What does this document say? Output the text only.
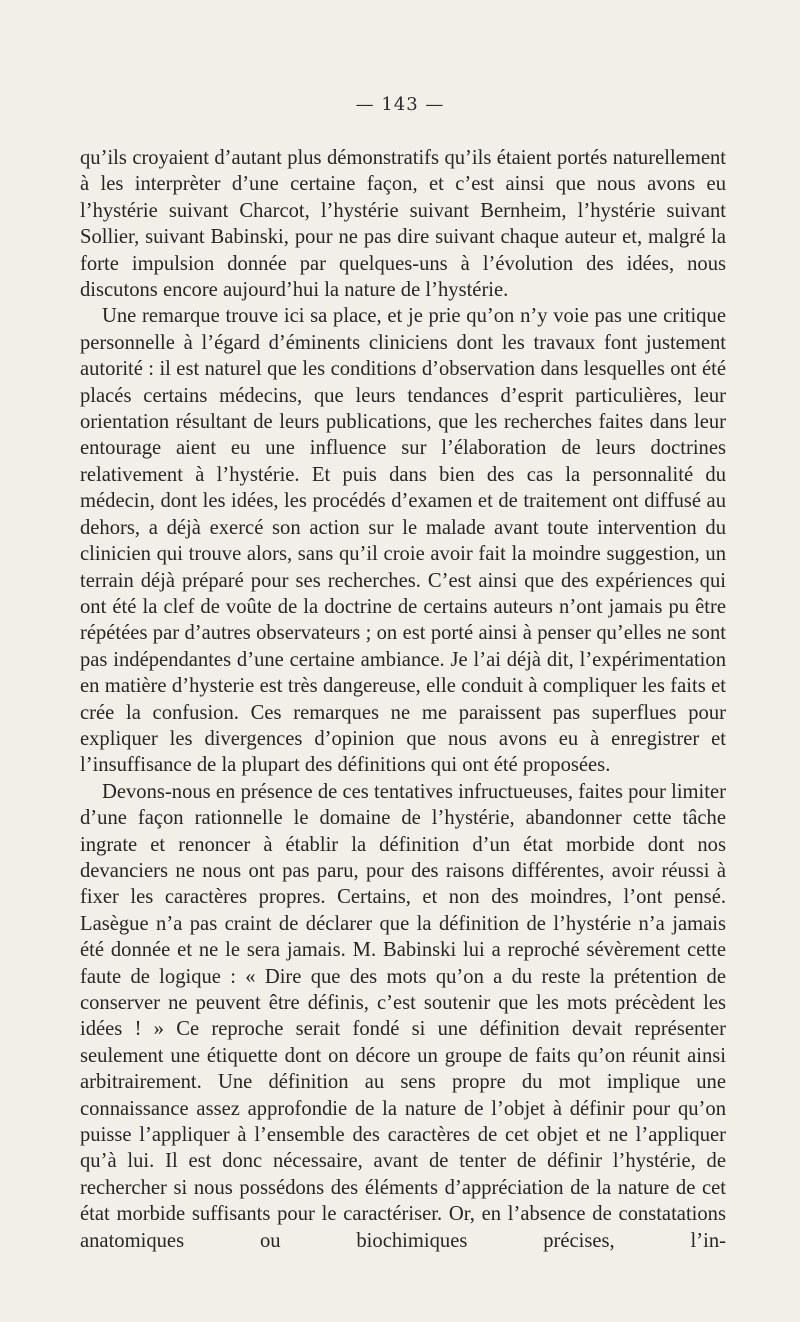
— 143 —

qu’ils croyaient d’autant plus démonstratifs qu’ils étaient portés naturellement à les interprèter d’une certaine façon, et c’est ainsi que nous avons eu l’hystérie suivant Charcot, l’hystérie suivant Bernheim, l’hystérie suivant Sollier, suivant Babinski, pour ne pas dire suivant chaque auteur et, malgré la forte impulsion donnée par quelques-uns à l’évolution des idées, nous discutons encore aujourd’hui la nature de l’hystérie.

Une remarque trouve ici sa place, et je prie qu’on n’y voie pas une critique personnelle à l’égard d’éminents cliniciens dont les travaux font justement autorité : il est naturel que les conditions d’observation dans lesquelles ont été placés certains médecins, que leurs tendances d’esprit particulières, leur orientation résultant de leurs publications, que les recherches faites dans leur entourage aient eu une influence sur l’élaboration de leurs doctrines relativement à l’hystérie. Et puis dans bien des cas la personnalité du médecin, dont les idées, les procédés d’examen et de traitement ont diffusé au dehors, a déjà exercé son action sur le malade avant toute intervention du clinicien qui trouve alors, sans qu’il croie avoir fait la moindre suggestion, un terrain déjà préparé pour ses recherches. C’est ainsi que des expériences qui ont été la clef de voûte de la doctrine de certains auteurs n’ont jamais pu être répétées par d’autres observateurs ; on est porté ainsi à penser qu’elles ne sont pas indépendantes d’une certaine ambiance. Je l’ai déjà dit, l’expérimentation en matière d’hysterie est très dangereuse, elle conduit à compliquer les faits et crée la confusion. Ces remarques ne me paraissent pas superflues pour expliquer les divergences d’opinion que nous avons eu à enregistrer et l’insuffisance de la plupart des définitions qui ont été proposées.

Devons-nous en présence de ces tentatives infructueuses, faites pour limiter d’une façon rationnelle le domaine de l’hystérie, abandonner cette tâche ingrate et renoncer à établir la définition d’un état morbide dont nos devanciers ne nous ont pas paru, pour des raisons différentes, avoir réussi à fixer les caractères propres. Certains, et non des moindres, l’ont pensé. Lasègue n’a pas craint de déclarer que la définition de l’hystérie n’a jamais été donnée et ne le sera jamais. M. Babinski lui a reproché sévèrement cette faute de logique : « Dire que des mots qu’on a du reste la prétention de conserver ne peuvent être définis, c’est soutenir que les mots précèdent les idées ! » Ce reproche serait fondé si une définition devait représenter seulement une étiquette dont on décore un groupe de faits qu’on réunit ainsi arbitrairement. Une définition au sens propre du mot implique une connaissance assez approfondie de la nature de l’objet à définir pour qu’on puisse l’appliquer à l’ensemble des caractères de cet objet et ne l’appliquer qu’à lui. Il est donc nécessaire, avant de tenter de définir l’hystérie, de rechercher si nous possédons des éléments d’appréciation de la nature de cet état morbide suffisants pour le caractériser. Or, en l’absence de constatations anatomiques ou biochimiques précises, l’in-
